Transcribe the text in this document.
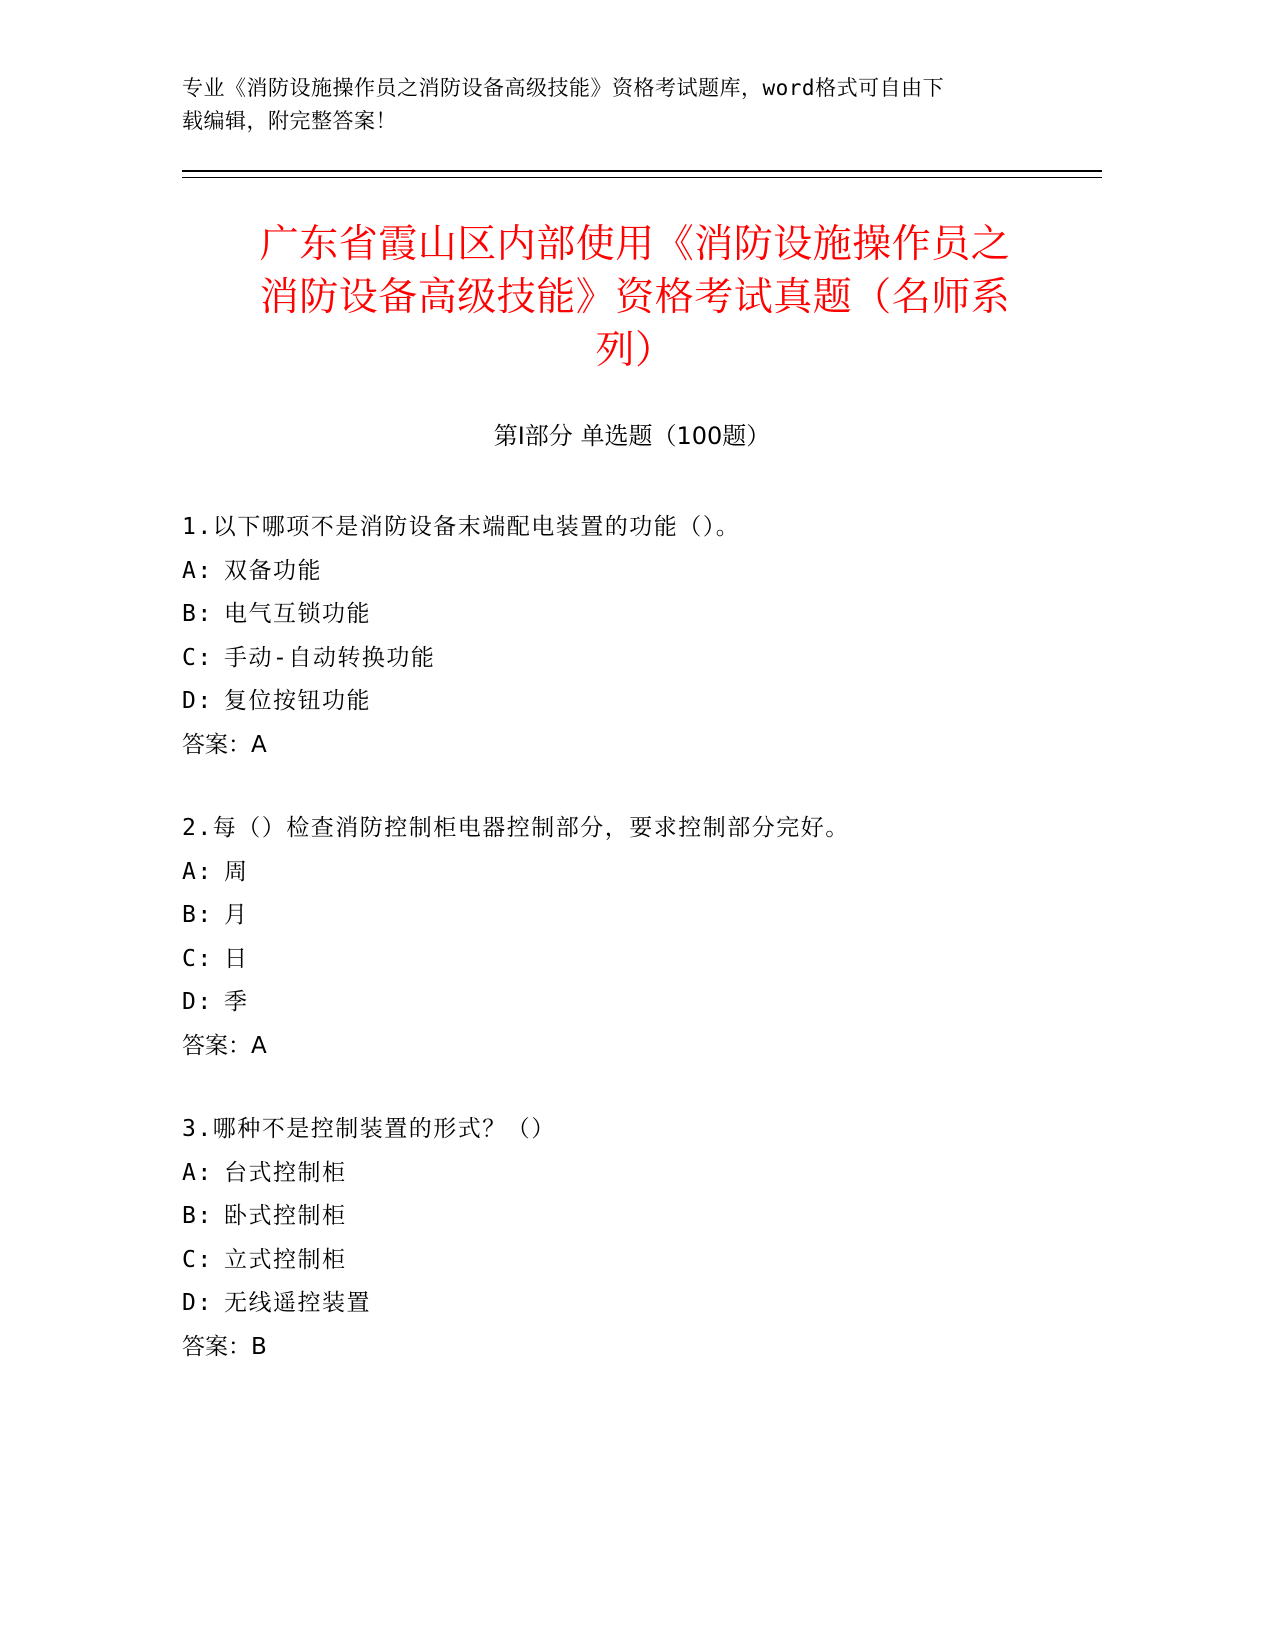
专业《消防设施操作员之消防设备高级技能》资格考试题库，word格式可自由下
载编辑，附完整答案！
广东省霞山区内部使用《消防设施操作员之
消防设备高级技能》资格考试真题（名师系
列）
第Ⅰ部分 单选题（100题）
1.以下哪项不是消防设备末端配电装置的功能（）。
A: 双备功能
B: 电气互锁功能
C: 手动-自动转换功能
D: 复位按钮功能
答案：A
2.每（）检查消防控制柜电器控制部分，要求控制部分完好。
A: 周
B: 月
C: 日
D: 季
答案：A
3.哪种不是控制装置的形式？（）
A: 台式控制柜
B: 卧式控制柜
C: 立式控制柜
D: 无线遥控装置
答案：B
